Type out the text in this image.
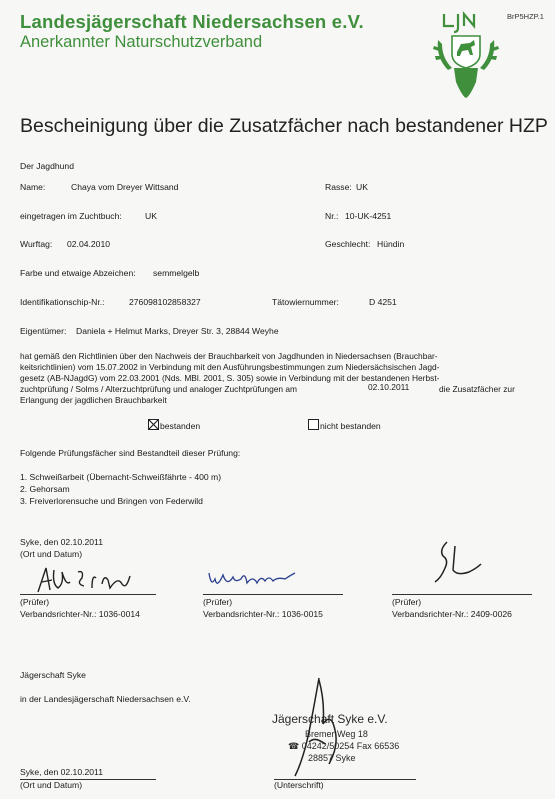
Landesjägerschaft Niedersachsen e.V.
Anerkannter Naturschutzverband
BrP5HZP.1
Bescheinigung über die Zusatzfächer nach bestandener HZP
Der Jagdhund
Name:	Chaya vom Dreyer Wittsand	Rasse: UK
eingetragen im Zuchtbuch:	UK	Nr.: 10-UK-4251
Wurftag: 02.04.2010	Geschlecht: Hündin
Farbe und etwaige Abzeichen: semmelgelb
Identifikationschip-Nr.:	276098102858327	Tätowiernummer:	D 4251
Eigentümer: Daniela + Helmut Marks, Dreyer Str. 3, 28844 Weyhe
hat gemäß den Richtlinien über den Nachweis der Brauchbarkeit von Jagdhunden in Niedersachsen (Brauchbar-
keitsrichtlinien) vom 15.07.2002 in Verbindung mit den Ausführungsbestimmungen zum Niedersächsischen Jagd-
gesetz (AB-NJagdG) vom 22.03.2001 (Nds. MBl. 2001, S. 305) sowie in Verbindung mit der bestandenen Herbst-
zuchtprüfung / Solms / Alterzuchtprüfung und analoger Zuchtprüfungen am	02.10.2011	die Zusatzfächer zur
Erlangung der jagdlichen Brauchbarkeit
bestanden	nicht bestanden
Folgende Prüfungsfächer sind Bestandteil dieser Prüfung:
1. Schweißarbeit (Übernacht-Schweißfährte - 400 m)
2. Gehorsam
3. Freiverlorensuche und Bringen von Federwild
Syke, den 02.10.2011
(Ort und Datum)
(Prüfer)	(Prüfer)	(Prüfer)
Verbandsrichter-Nr.: 1036-0014	Verbandsrichter-Nr.: 1036-0015	Verbandsrichter-Nr.: 2409-0026
Jägerschaft Syke
in der Landesjägerschaft Niedersachsen e.V.
Jägerschaft Syke e.V.
Bremer Weg 18
☎ 04242/50254 Fax 66536
28857 Syke
Syke, den 02.10.2011
(Ort und Datum)	(Unterschrift)
